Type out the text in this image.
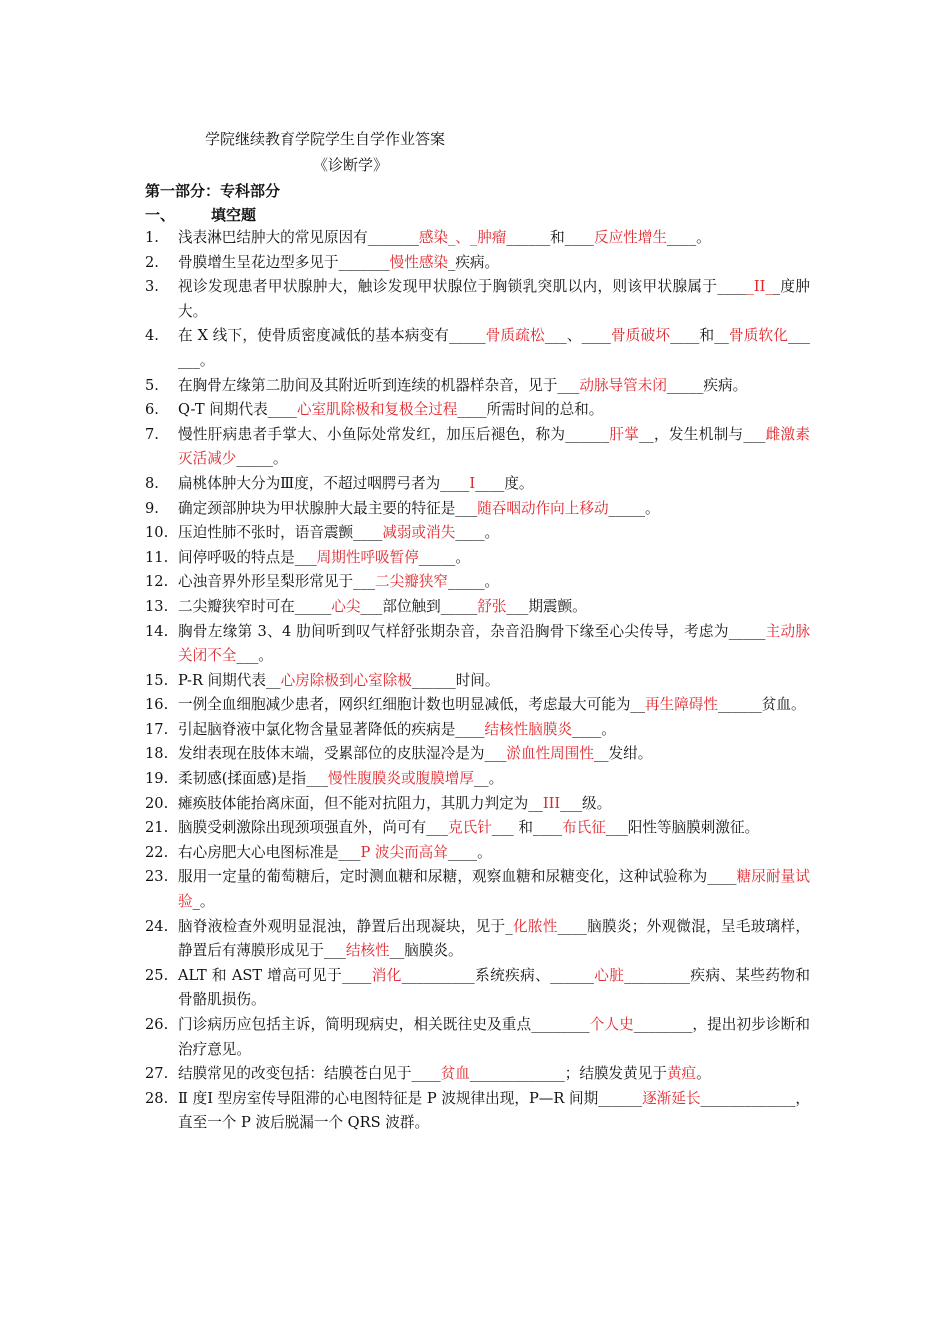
学院继续教育学院学生自学作业答案
《诊断学》
第一部分：专科部分
一、 填空题
1.	浅表淋巴结肿大的常见原因有_______感染_、_肿瘤______和____反应性增生____。
2.	骨膜增生呈花边型多见于_______慢性感染_疾病。
3.	视诊发现患者甲状腺肿大，触诊发现甲状腺位于胸锁乳突肌以内，则该甲状腺属于_____II__度肿大。
4.	在 X 线下，使骨质密度减低的基本病变有_____骨质疏松___、____骨质破坏____和__骨质软化______。
5.	在胸骨左缘第二肋间及其附近听到连续的机器样杂音，见于___动脉导管未闭_____疾病。
6.	Q-T 间期代表____心室肌除极和复极全过程____所需时间的总和。
7.	慢性肝病患者手掌大、小鱼际处常发红，加压后褪色，称为______肝掌__，发生机制与___雌激素灭活减少_____。
8.	扁桃体肿大分为Ⅲ度，不超过咽腭弓者为____I____度。
9.	确定颈部肿块为甲状腺肿大最主要的特征是___随吞咽动作向上移动_____。
10. 压迫性肺不张时，语音震颤____减弱或消失____。
11. 间停呼吸的特点是___周期性呼吸暂停_____。
12. 心浊音界外形呈梨形常见于___二尖瓣狭窄_____。
13. 二尖瓣狭窄时可在_____心尖___部位触到_____舒张___期震颤。
14. 胸骨左缘第 3、4 肋间听到叹气样舒张期杂音，杂音沿胸骨下缘至心尖传导，考虑为_____主动脉关闭不全___。
15. P-R 间期代表__心房除极到心室除极______时间。
16. 一例全血细胞减少患者，网织红细胞计数也明显减低，考虑最大可能为__再生障碍性______贫血。
17. 引起脑脊液中氯化物含量显著降低的疾病是____结核性脑膜炎____。
18. 发绀表现在肢体末端，受累部位的皮肤湿冷是为___淤血性周围性__发绀。
19. 柔韧感(揉面感)是指___慢性腹膜炎或腹膜增厚__。
20. 瘫痪肢体能抬离床面，但不能对抗阻力，其肌力判定为__III___级。
21. 脑膜受刺激除出现颈项强直外，尚可有___克氏针___ 和____布氏征___阳性等脑膜刺激征。
22. 右心房肥大心电图标准是___P 波尖而高耸____。
23. 服用一定量的葡萄糖后，定时测血糖和尿糖，观察血糖和尿糖变化，这种试验称为____糖尿耐量试验_。
24. 脑脊液检查外观明显混浊，静置后出现凝块，见于_化脓性____脑膜炎；外观微混，呈毛玻璃样，静置后有薄膜形成见于___结核性__脑膜炎。
25. ALT 和 AST 增高可见于____消化__________系统疾病、______心脏_________疾病、某些药物和骨骼肌损伤。
26. 门诊病历应包括主诉，简明现病史，相关既往史及重点________个人史________，提出初步诊断和治疗意见。
27. 结膜常见的改变包括：结膜苍白见于____贫血_____________；结膜发黄见于黄疸。
28. Ⅱ 度Ⅰ 型房室传导阻滞的心电图特征是 P 波规律出现，P—R 间期______逐渐延长_____________，直至一个 P 波后脱漏一个 QRS 波群。
